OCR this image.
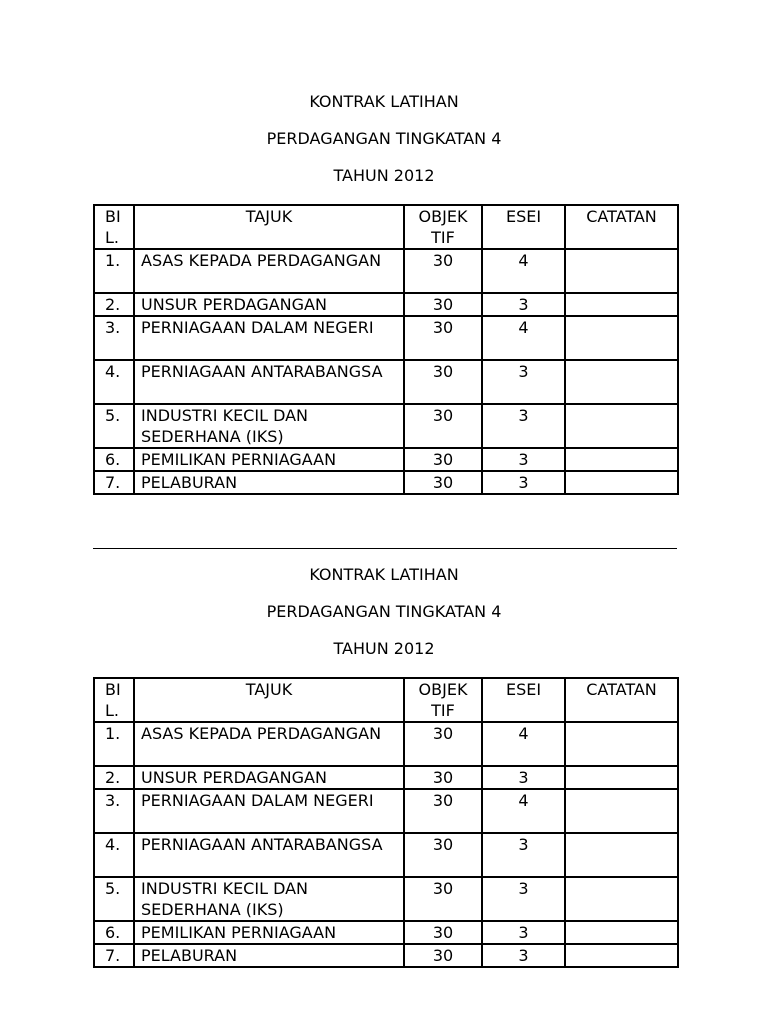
KONTRAK LATIHAN

PERDAGANGAN TINGKATAN 4

TAHUN 2012

BI L.	TAJUK	OBJEK TIF	ESEI	CATATAN
1.	ASAS KEPADA PERDAGANGAN	30	4	
2.	UNSUR PERDAGANGAN	30	3	
3.	PERNIAGAAN DALAM NEGERI	30	4	
4.	PERNIAGAAN ANTARABANGSA	30	3	
5.	INDUSTRI KECIL DAN SEDERHANA (IKS)	30	3	
6.	PEMILIKAN PERNIAGAAN	30	3	
7.	PELABURAN	30	3	

KONTRAK LATIHAN

PERDAGANGAN TINGKATAN 4

TAHUN 2012

BI L.	TAJUK	OBJEK TIF	ESEI	CATATAN
1.	ASAS KEPADA PERDAGANGAN	30	4	
2.	UNSUR PERDAGANGAN	30	3	
3.	PERNIAGAAN DALAM NEGERI	30	4	
4.	PERNIAGAAN ANTARABANGSA	30	3	
5.	INDUSTRI KECIL DAN SEDERHANA (IKS)	30	3	
6.	PEMILIKAN PERNIAGAAN	30	3	
7.	PELABURAN	30	3	
